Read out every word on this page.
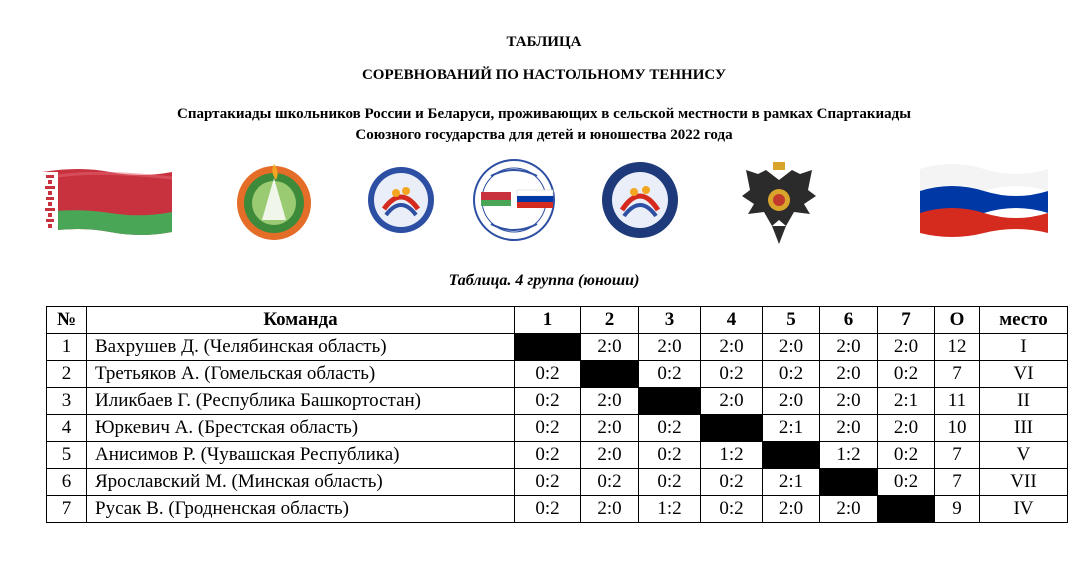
ТАБЛИЦА
СОРЕВНОВАНИЙ ПО НАСТОЛЬНОМУ ТЕННИСУ
Спартакиады школьников России и Беларуси, проживающих в сельской местности в рамках Спартакиады
Союзного государства для детей и юношества 2022 года
Таблица. 4 группа (юноши)
№	Команда	1	2	3	4	5	6	7	О	место
1	Вахрушев Д. (Челябинская область)		2:0	2:0	2:0	2:0	2:0	2:0	12	I
2	Третьяков А. (Гомельская область)	0:2		0:2	0:2	0:2	2:0	0:2	7	VI
3	Иликбаев Г. (Республика Башкортостан)	0:2	2:0		2:0	2:0	2:0	2:1	11	II
4	Юркевич А. (Брестская область)	0:2	2:0	0:2		2:1	2:0	2:0	10	III
5	Анисимов Р. (Чувашская Республика)	0:2	2:0	0:2	1:2		1:2	0:2	7	V
6	Ярославский М. (Минская область)	0:2	0:2	0:2	0:2	2:1		0:2	7	VII
7	Русак В. (Гродненская область)	0:2	2:0	1:2	0:2	2:0	2:0		9	IV
